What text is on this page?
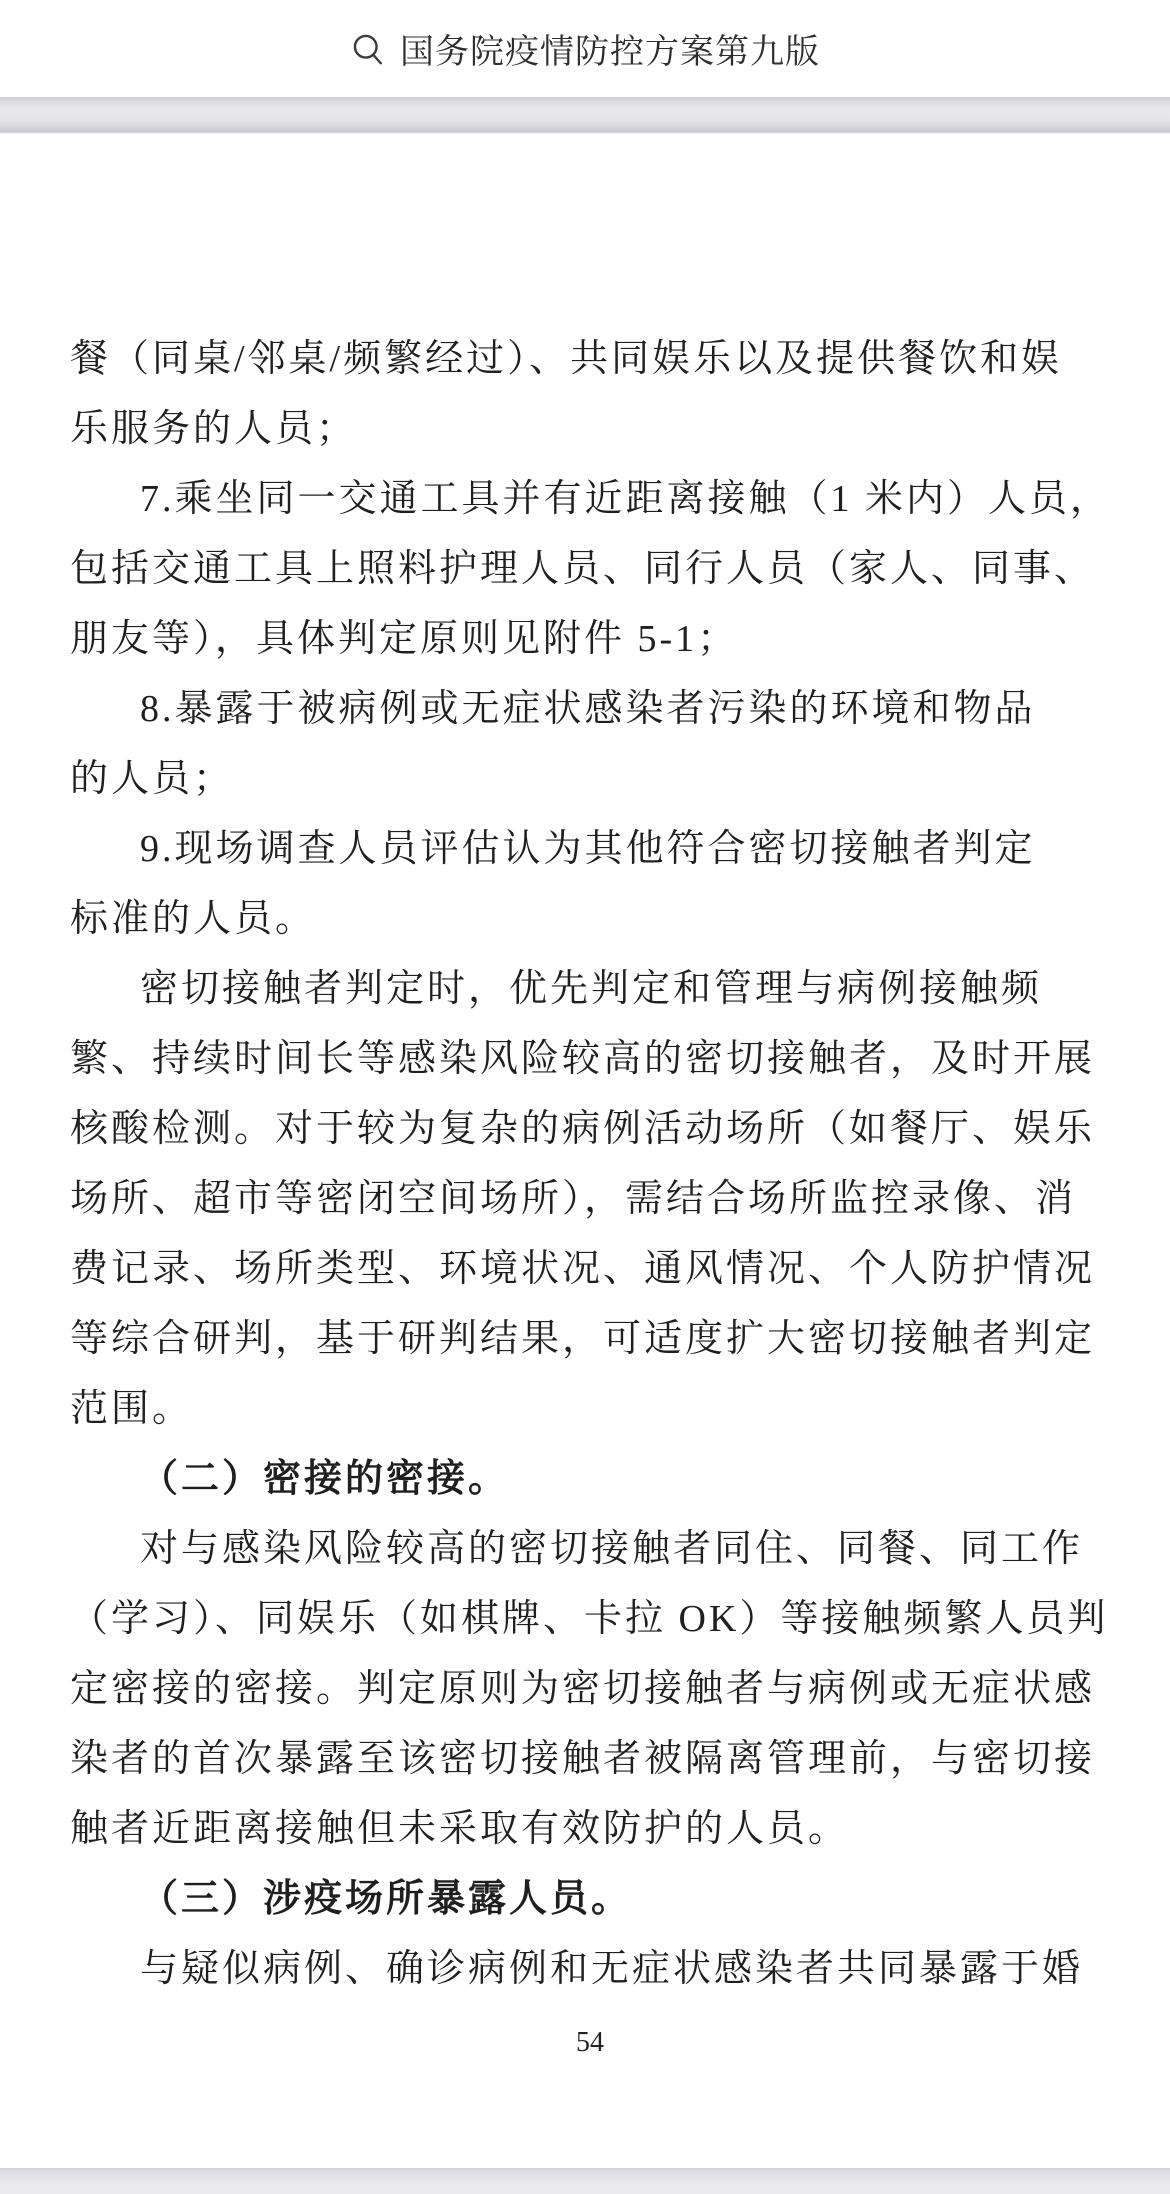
国务院疫情防控方案第九版
餐（同桌/邻桌/频繁经过）、共同娱乐以及提供餐饮和娱
乐服务的人员；
7.乘坐同一交通工具并有近距离接触（1 米内）人员，
包括交通工具上照料护理人员、同行人员（家人、同事、
朋友等），具体判定原则见附件 5-1；
8.暴露于被病例或无症状感染者污染的环境和物品
的人员；
9.现场调查人员评估认为其他符合密切接触者判定
标准的人员。
密切接触者判定时，优先判定和管理与病例接触频
繁、持续时间长等感染风险较高的密切接触者，及时开展
核酸检测。对于较为复杂的病例活动场所（如餐厅、娱乐
场所、超市等密闭空间场所），需结合场所监控录像、消
费记录、场所类型、环境状况、通风情况、个人防护情况
等综合研判，基于研判结果，可适度扩大密切接触者判定
范围。
（二）密接的密接。
对与感染风险较高的密切接触者同住、同餐、同工作
（学习）、同娱乐（如棋牌、卡拉 OK）等接触频繁人员判
定密接的密接。判定原则为密切接触者与病例或无症状感
染者的首次暴露至该密切接触者被隔离管理前，与密切接
触者近距离接触但未采取有效防护的人员。
（三）涉疫场所暴露人员。
与疑似病例、确诊病例和无症状感染者共同暴露于婚
54
